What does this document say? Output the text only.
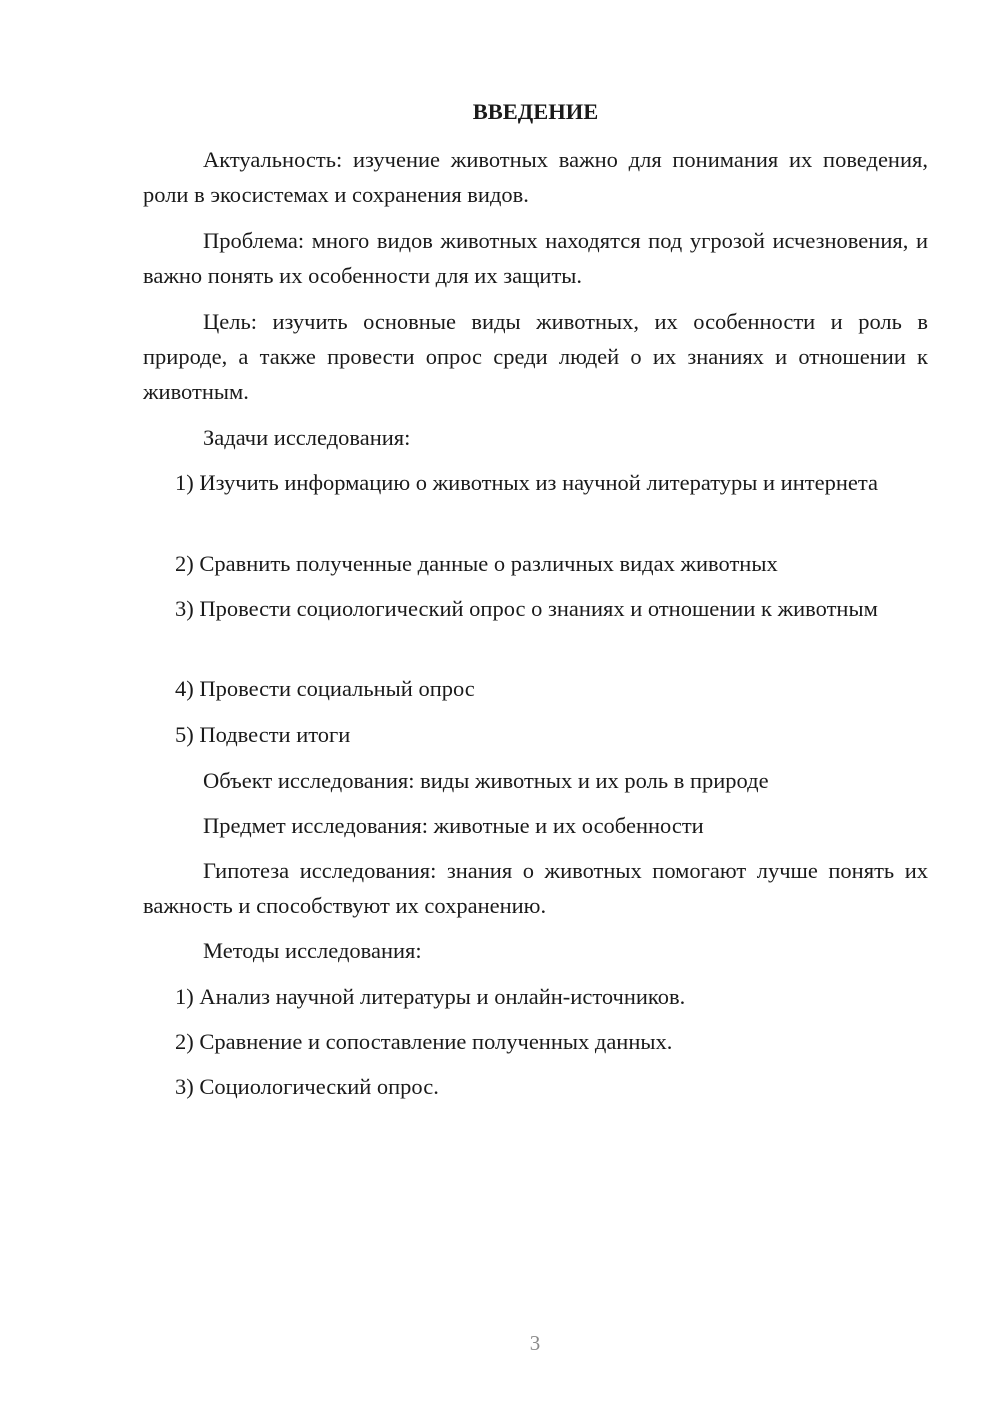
ВВЕДЕНИЕ

Актуальность: изучение животных важно для понимания их поведения, роли в экосистемах и сохранения видов.

Проблема: много видов животных находятся под угрозой исчезновения, и важно понять их особенности для их защиты.

Цель: изучить основные виды животных, их особенности и роль в природе, а также провести опрос среди людей о их знаниях и отношении к животным.

Задачи исследования:

1) Изучить информацию о животных из научной литературы и интернета

2) Сравнить полученные данные о различных видах животных

3) Провести социологический опрос о знаниях и отношении к животным

4) Провести социальный опрос

5) Подвести итоги

Объект исследования: виды животных и их роль в природе

Предмет исследования: животные и их особенности

Гипотеза исследования: знания о животных помогают лучше понять их важность и способствуют их сохранению.

Методы исследования:

1) Анализ научной литературы и онлайн-источников.

2) Сравнение и сопоставление полученных данных.

3) Социологический опрос.

3
